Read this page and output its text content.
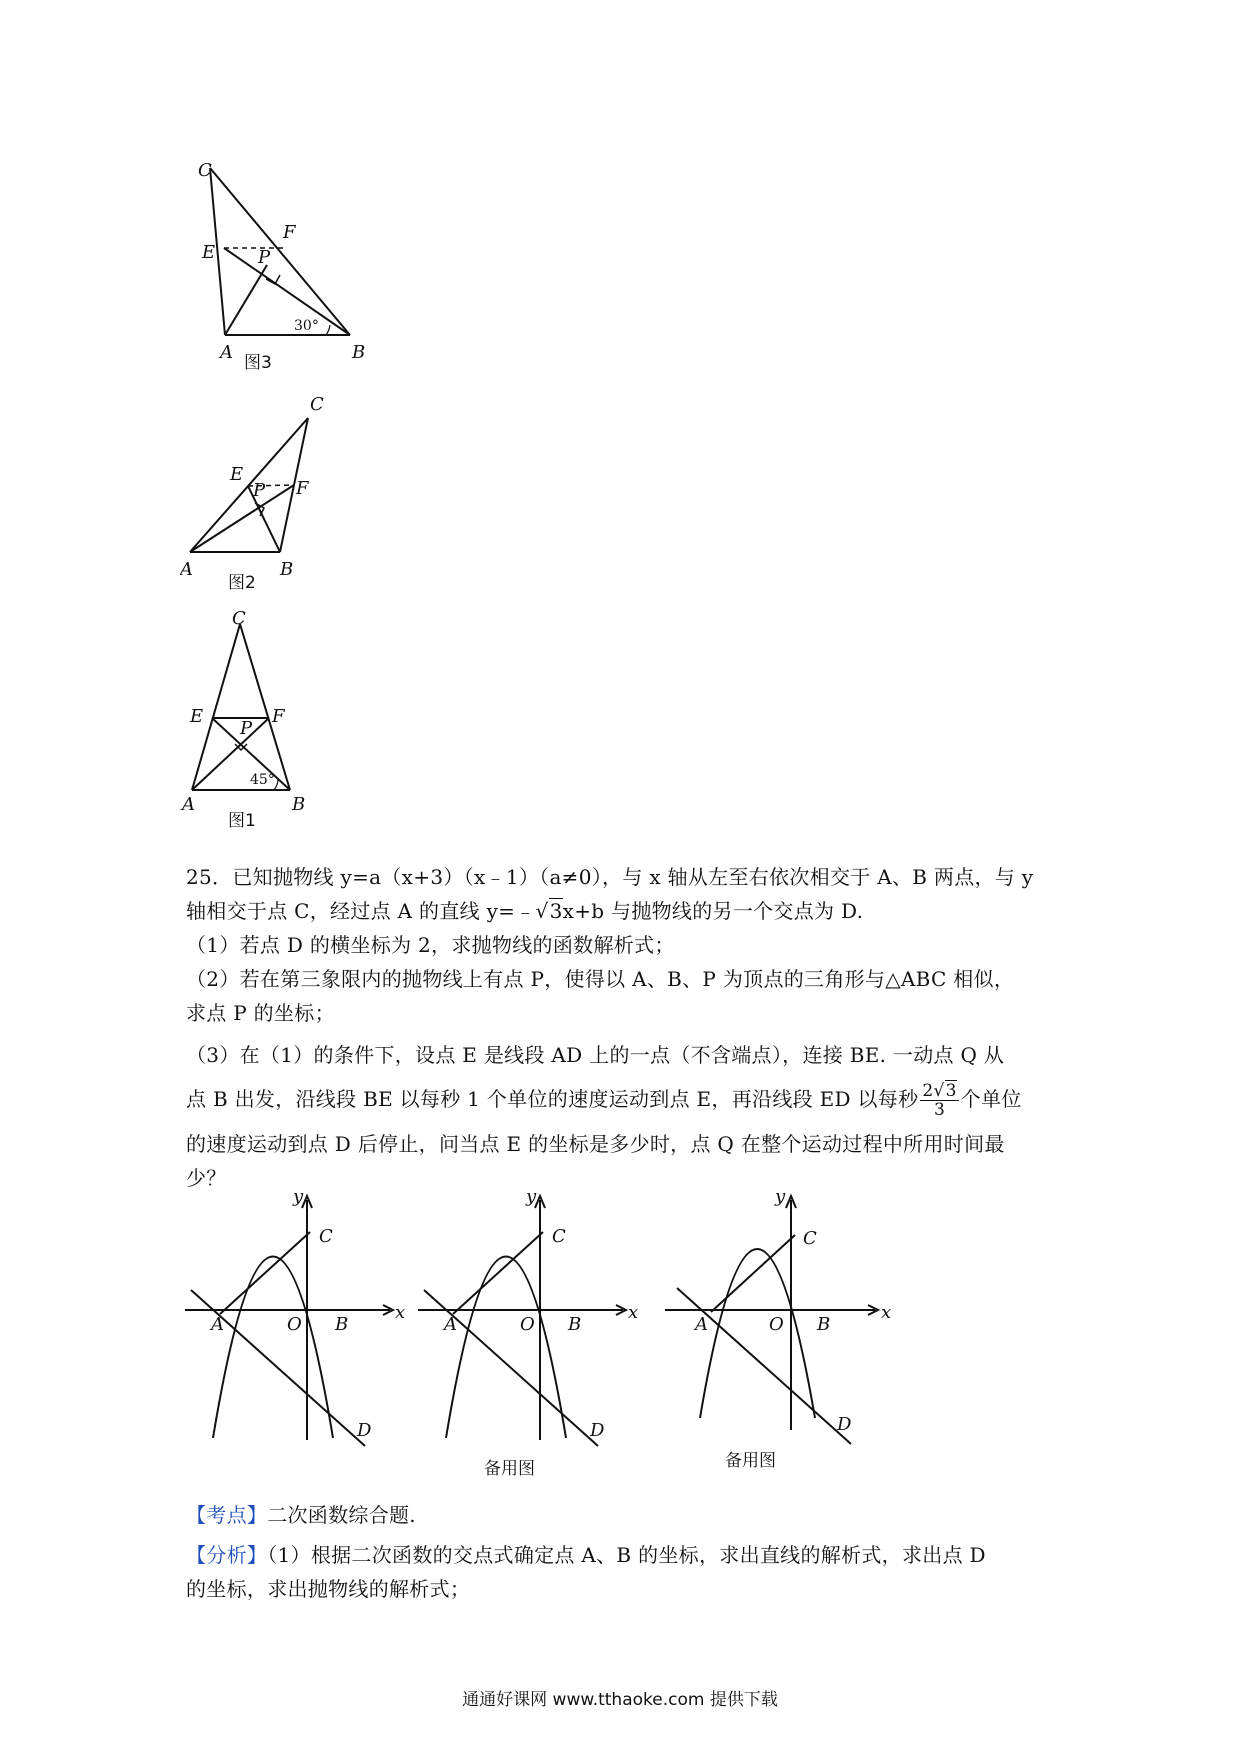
C
F
E P
A	B
30°
图3
C
E
P F
A	B
图2
C
E	F
P
A	B
45°
图1

25．已知抛物线 y=a（x+3）（x﹣1）（a≠0），与 x 轴从左至右依次相交于 A、B 两点，与 y

轴相交于点 C，经过点 A 的直线 y=﹣√3x+b 与抛物线的另一个交点为 D.

（1）若点 D 的横坐标为 2，求抛物线的函数解析式；

（2）若在第三象限内的抛物线上有点 P，使得以 A、B、P 为顶点的三角形与△ABC 相似，

求点 P 的坐标；

（3）在（1）的条件下，设点 E 是线段 AD 上的一点（不含端点），连接 BE. 一动点 Q 从

点 B 出发，沿线段 BE 以每秒 1 个单位的速度运动到点 E，再沿线段 ED 以每秒 $\frac{2√3}{3}$ 个单位

的速度运动到点 D 后停止，问当点 E 的坐标是多少时，点 Q 在整个运动过程中所用时间最

少？

y
x
C
A	O B
D
y
x
C
A	O B
D
备用图
y
x
C
A	O B
D
备用图

【考点】二次函数综合题.

【分析】（1）根据二次函数的交点式确定点 A、B 的坐标，求出直线的解析式，求出点 D

的坐标，求出抛物线的解析式；

通通好课网 www.tthaoke.com 提供下载
